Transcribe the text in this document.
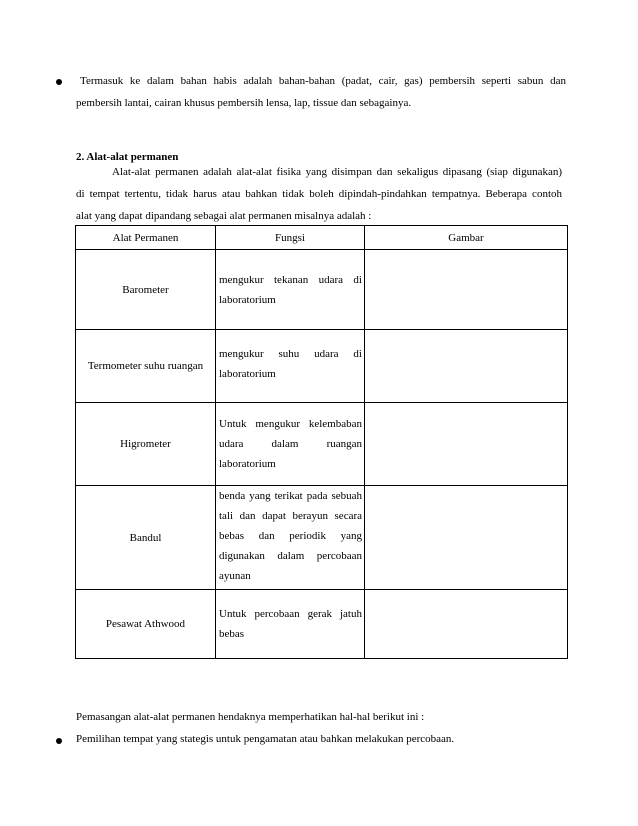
Termasuk ke dalam bahan habis adalah bahan-bahan (padat, cair, gas) pembersih seperti sabun dan
pembersih lantai, cairan khusus pembersih lensa, lap, tissue dan sebagainya.
2. Alat-alat permanen
Alat-alat permanen adalah alat-alat fisika yang disimpan dan sekaligus dipasang (siap digunakan)
di tempat tertentu, tidak harus atau bahkan tidak boleh dipindah-pindahkan tempatnya. Beberapa contoh
alat yang dapat dipandang sebagai alat permanen misalnya adalah :
Alat Permanen	Fungsi	Gambar
Barometer	mengukur tekanan udara di
laboratorium	

Termometer suhu ruangan	mengukur suhu udara di
laboratorium	

Higrometer	Untuk mengukur kelembaban
udara dalam ruangan
laboratorium	

Bandul	benda yang terikat pada sebuah
tali dan dapat berayun secara
bebas dan periodik yang
digunakan dalam percobaan
ayunan	

Pesawat Athwood	Untuk percobaan gerak jatuh
bebas	

Pemasangan alat-alat permanen hendaknya memperhatikan hal-hal berikut ini :
Pemilihan tempat yang stategis untuk pengamatan atau bahkan melakukan percobaan.
